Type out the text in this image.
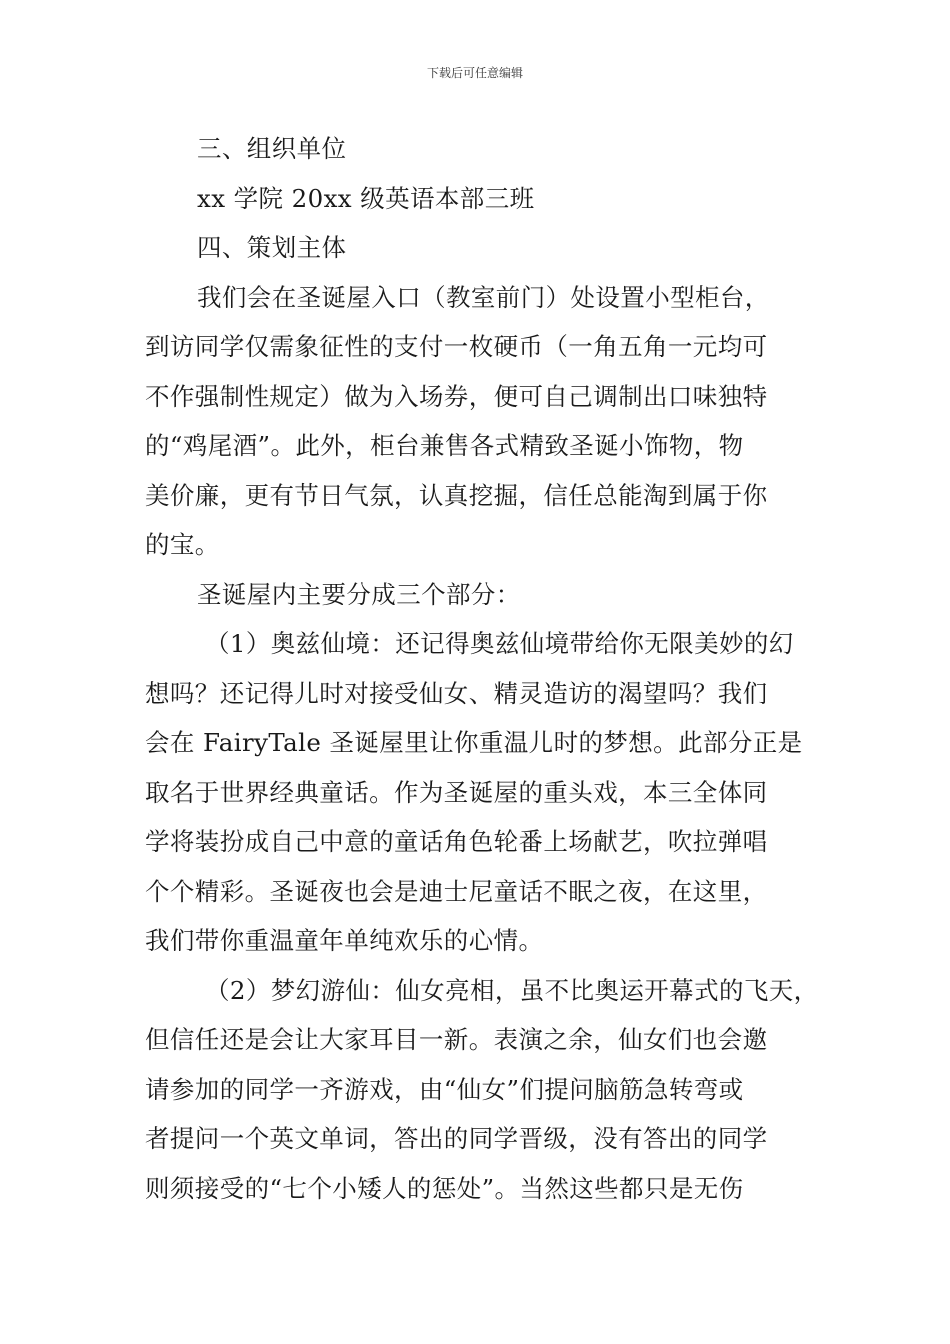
下载后可任意编辑

三、组织单位

xx 学院 20xx 级英语本部三班

四、策划主体

我们会在圣诞屋入口（教室前门）处设置小型柜台，
到访同学仅需象征性的支付一枚硬币（一角五角一元均可
不作强制性规定）做为入场券，便可自己调制出口味独特
的“鸡尾酒”。此外，柜台兼售各式精致圣诞小饰物，物
美价廉，更有节日气氛，认真挖掘，信任总能淘到属于你
的宝。

圣诞屋内主要分成三个部分：

（1）奥兹仙境：还记得奥兹仙境带给你无限美妙的幻
想吗？还记得儿时对接受仙女、精灵造访的渴望吗？我们
会在 FairyTale 圣诞屋里让你重温儿时的梦想。此部分正是
取名于世界经典童话。作为圣诞屋的重头戏，本三全体同
学将装扮成自己中意的童话角色轮番上场献艺，吹拉弹唱
个个精彩。圣诞夜也会是迪士尼童话不眠之夜，在这里，
我们带你重温童年单纯欢乐的心情。

（2）梦幻游仙：仙女亮相，虽不比奥运开幕式的飞天，
但信任还是会让大家耳目一新。表演之余，仙女们也会邀
请参加的同学一齐游戏，由“仙女”们提问脑筋急转弯或
者提问一个英文单词，答出的同学晋级，没有答出的同学
则须接受的“七个小矮人的惩处”。当然这些都只是无伤
